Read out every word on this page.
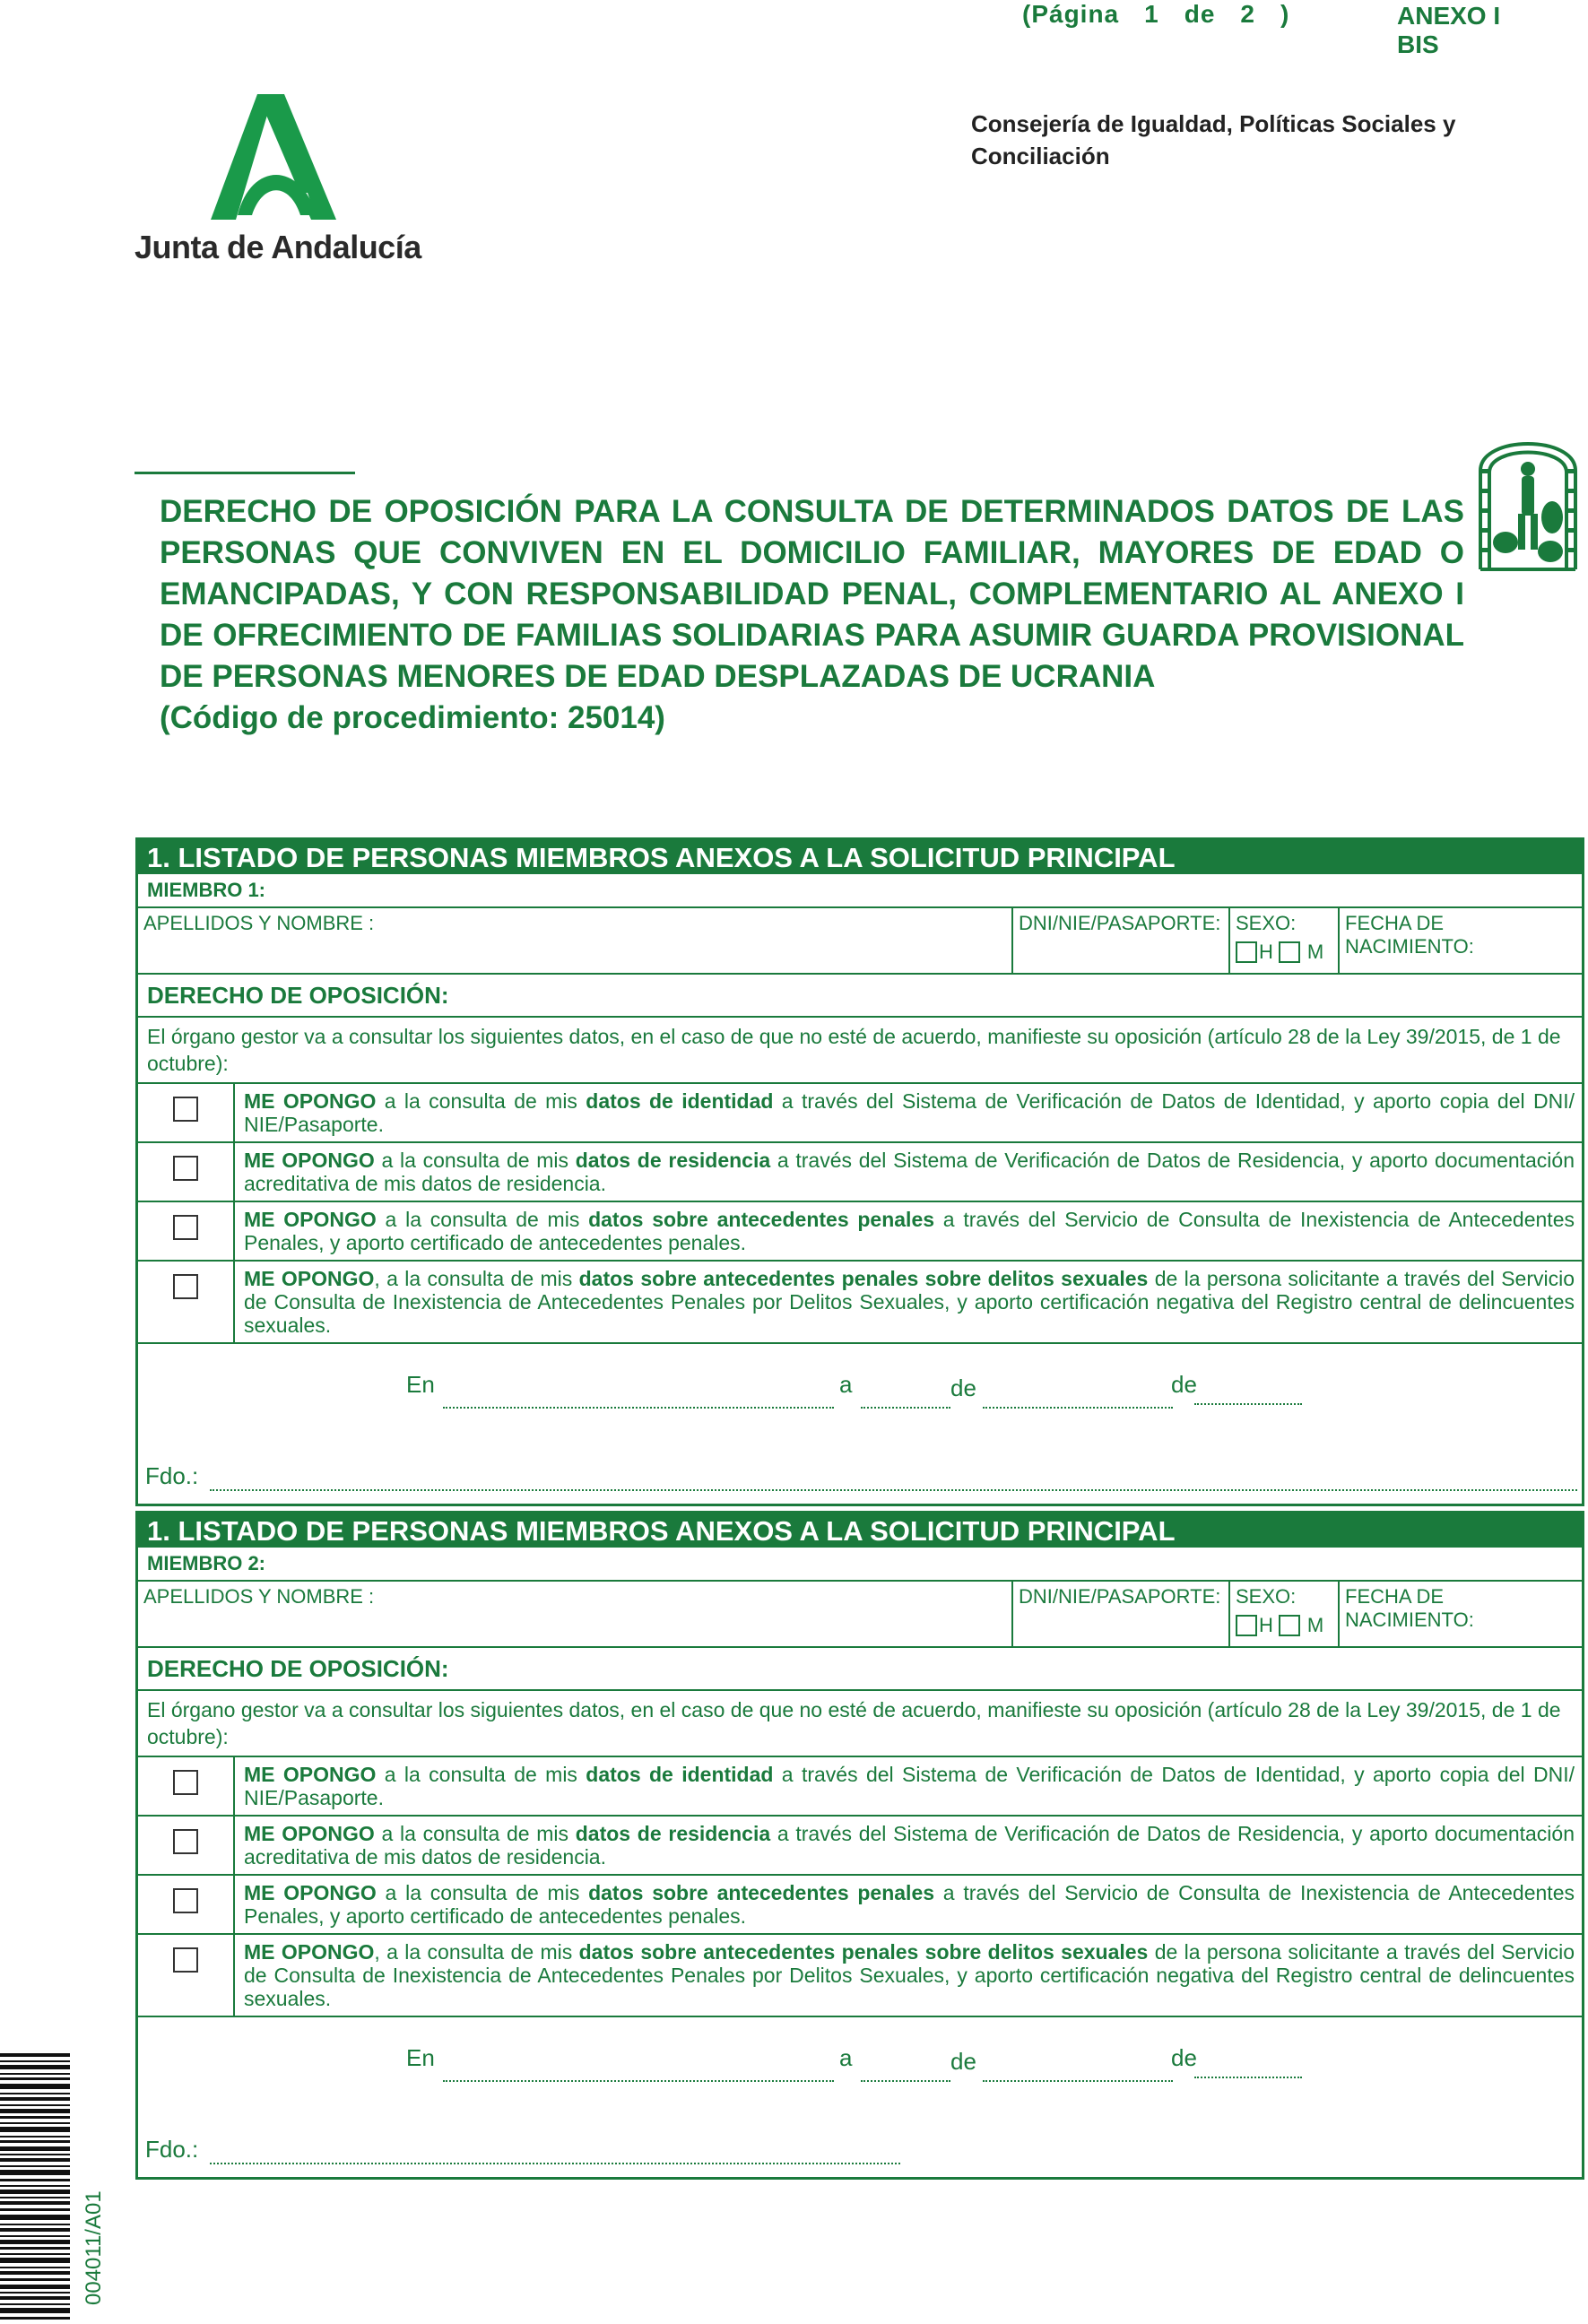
(Página 1 de 2 )	ANEXO I BIS
Junta de Andalucía
Consejería de Igualdad, Políticas Sociales y
Conciliación
DERECHO DE OPOSICIÓN PARA LA CONSULTA DE DETERMINADOS DATOS DE LAS PERSONAS QUE CONVIVEN EN EL DOMICILIO FAMILIAR, MAYORES DE EDAD O EMANCIPADAS, Y CON RESPONSABILIDAD PENAL, COMPLEMENTARIO AL ANEXO I DE OFRECIMIENTO DE FAMILIAS SOLIDARIAS PARA ASUMIR GUARDA PROVISIONAL DE PERSONAS MENORES DE EDAD DESPLAZADAS DE UCRANIA
(Código de procedimiento: 25014)
1. LISTADO DE PERSONAS MIEMBROS ANEXOS A LA SOLICITUD PRINCIPAL
MIEMBRO 1:
APELLIDOS Y NOMBRE :	DNI/NIE/PASAPORTE: SEXO:
H M
FECHA DE NACIMIENTO:
DERECHO DE OPOSICIÓN:
El órgano gestor va a consultar los siguientes datos, en el caso de que no esté de acuerdo, manifieste su oposición (artículo 28 de la Ley 39/2015, de 1 de octubre):
ME OPONGO a la consulta de mis datos de identidad a través del Sistema de Verificación de Datos de Identidad, y aporto copia del DNI/ NIE/Pasaporte.
ME OPONGO a la consulta de mis datos de residencia a través del Sistema de Verificación de Datos de Residencia, y aporto documentación acreditativa de mis datos de residencia.
ME OPONGO a la consulta de mis datos sobre antecedentes penales a través del Servicio de Consulta de Inexistencia de Antecedentes Penales, y aporto certificado de antecedentes penales.
ME OPONGO, a la consulta de mis datos sobre antecedentes penales sobre delitos sexuales de la persona solicitante a través del Servicio de Consulta de Inexistencia de Antecedentes Penales por Delitos Sexuales, y aporto certificación negativa del Registro central de delincuentes sexuales.
En	a	de	de
Fdo.:
1. LISTADO DE PERSONAS MIEMBROS ANEXOS A LA SOLICITUD PRINCIPAL
MIEMBRO 2:
APELLIDOS Y NOMBRE :	DNI/NIE/PASAPORTE: SEXO:
H M
FECHA DE NACIMIENTO:
DERECHO DE OPOSICIÓN:
El órgano gestor va a consultar los siguientes datos, en el caso de que no esté de acuerdo, manifieste su oposición (artículo 28 de la Ley 39/2015, de 1 de octubre):
ME OPONGO a la consulta de mis datos de identidad a través del Sistema de Verificación de Datos de Identidad, y aporto copia del DNI/ NIE/Pasaporte.
ME OPONGO a la consulta de mis datos de residencia a través del Sistema de Verificación de Datos de Residencia, y aporto documentación acreditativa de mis datos de residencia.
ME OPONGO a la consulta de mis datos sobre antecedentes penales a través del Servicio de Consulta de Inexistencia de Antecedentes Penales, y aporto certificado de antecedentes penales.
ME OPONGO, a la consulta de mis datos sobre antecedentes penales sobre delitos sexuales de la persona solicitante a través del Servicio de Consulta de Inexistencia de Antecedentes Penales por Delitos Sexuales, y aporto certificación negativa del Registro central de delincuentes sexuales.
En	a	de	de
Fdo.:
004011/A01
